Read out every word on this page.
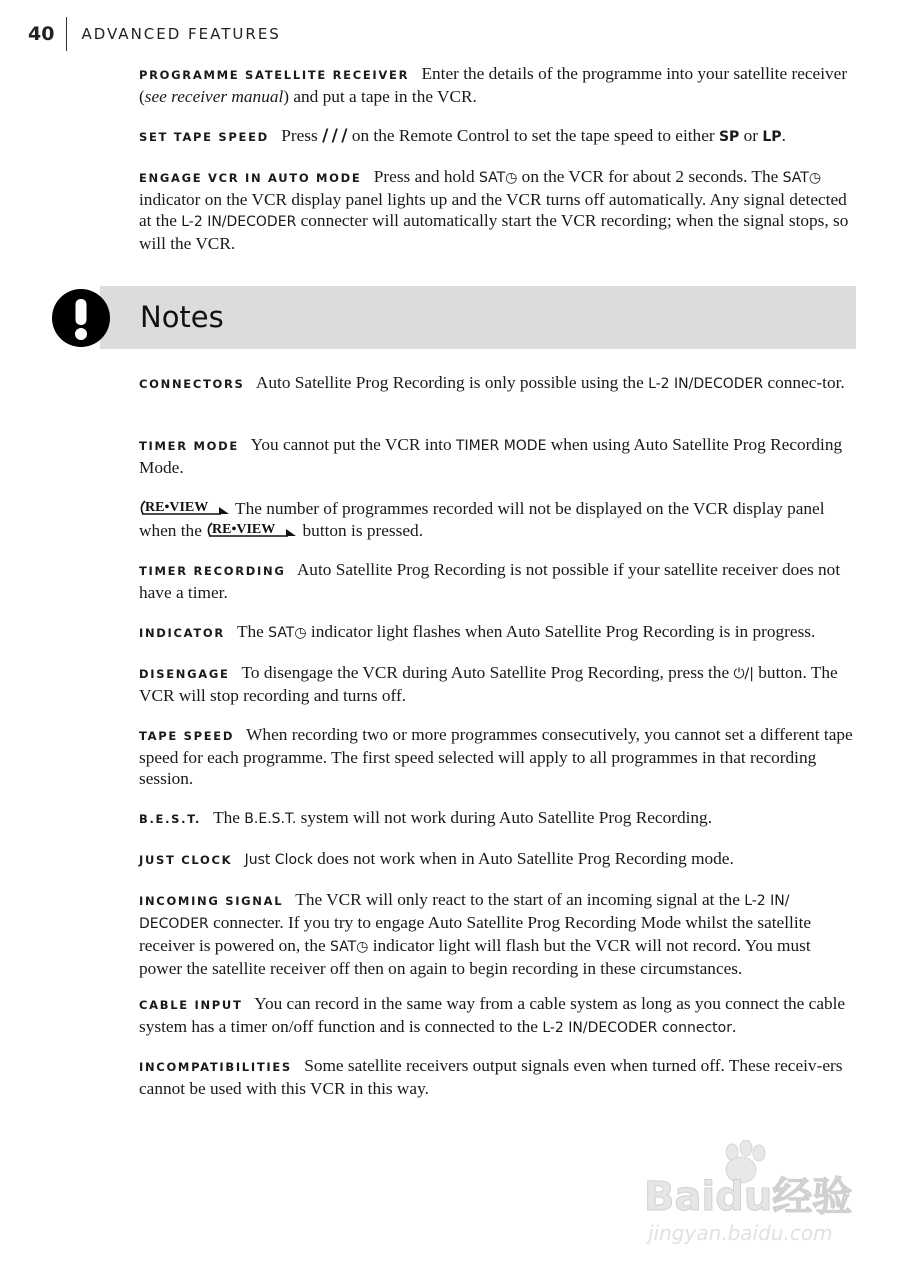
40	ADVANCED FEATURES

PROGRAMME SATELLITE RECEIVER Enter the details of the programme into your satellite receiver (see receiver manual) and put a tape in the VCR.

SET TAPE SPEED Press / / / on the Remote Control to set the tape speed to either SP or LP.

ENGAGE VCR IN AUTO MODE Press and hold SAT◷ on the VCR for about 2 seconds. The SAT◷ indicator on the VCR display panel lights up and the VCR turns off automatically. Any signal detected at the L-2 IN/DECODER connecter will automatically start the VCR recording; when the signal stops, so will the VCR.

Notes

CONNECTORS Auto Satellite Prog Recording is only possible using the L-2 IN/DECODER connec-tor.

TIMER MODE You cannot put the VCR into TIMER MODE when using Auto Satellite Prog Recording Mode.

RE•VIEW The number of programmes recorded will not be displayed on the VCR display panel when the RE•VIEW button is pressed.

TIMER RECORDING Auto Satellite Prog Recording is not possible if your satellite receiver does not have a timer.

INDICATOR The SAT◷ indicator light flashes when Auto Satellite Prog Recording is in progress.

DISENGAGE To disengage the VCR during Auto Satellite Prog Recording, press the ⏻/| button. The VCR will stop recording and turns off.

TAPE SPEED When recording two or more programmes consecutively, you cannot set a different tape speed for each programme. The first speed selected will apply to all programmes in that recording session.

B.E.S.T. The B.E.S.T. system will not work during Auto Satellite Prog Recording.

JUST CLOCK Just Clock does not work when in Auto Satellite Prog Recording mode.

INCOMING SIGNAL The VCR will only react to the start of an incoming signal at the L-2 IN/ DECODER connecter. If you try to engage Auto Satellite Prog Recording Mode whilst the satellite receiver is powered on, the SAT◷ indicator light will flash but the VCR will not record. You must power the satellite receiver off then on again to begin recording in these circumstances.

CABLE INPUT You can record in the same way from a cable system as long as you connect the cable system has a timer on/off function and is connected to the L-2 IN/DECODER connector.

INCOMPATIBILITIES Some satellite receivers output signals even when turned off. These receiv-ers cannot be used with this VCR in this way.

Baidu经验
jingyan.baidu.com
